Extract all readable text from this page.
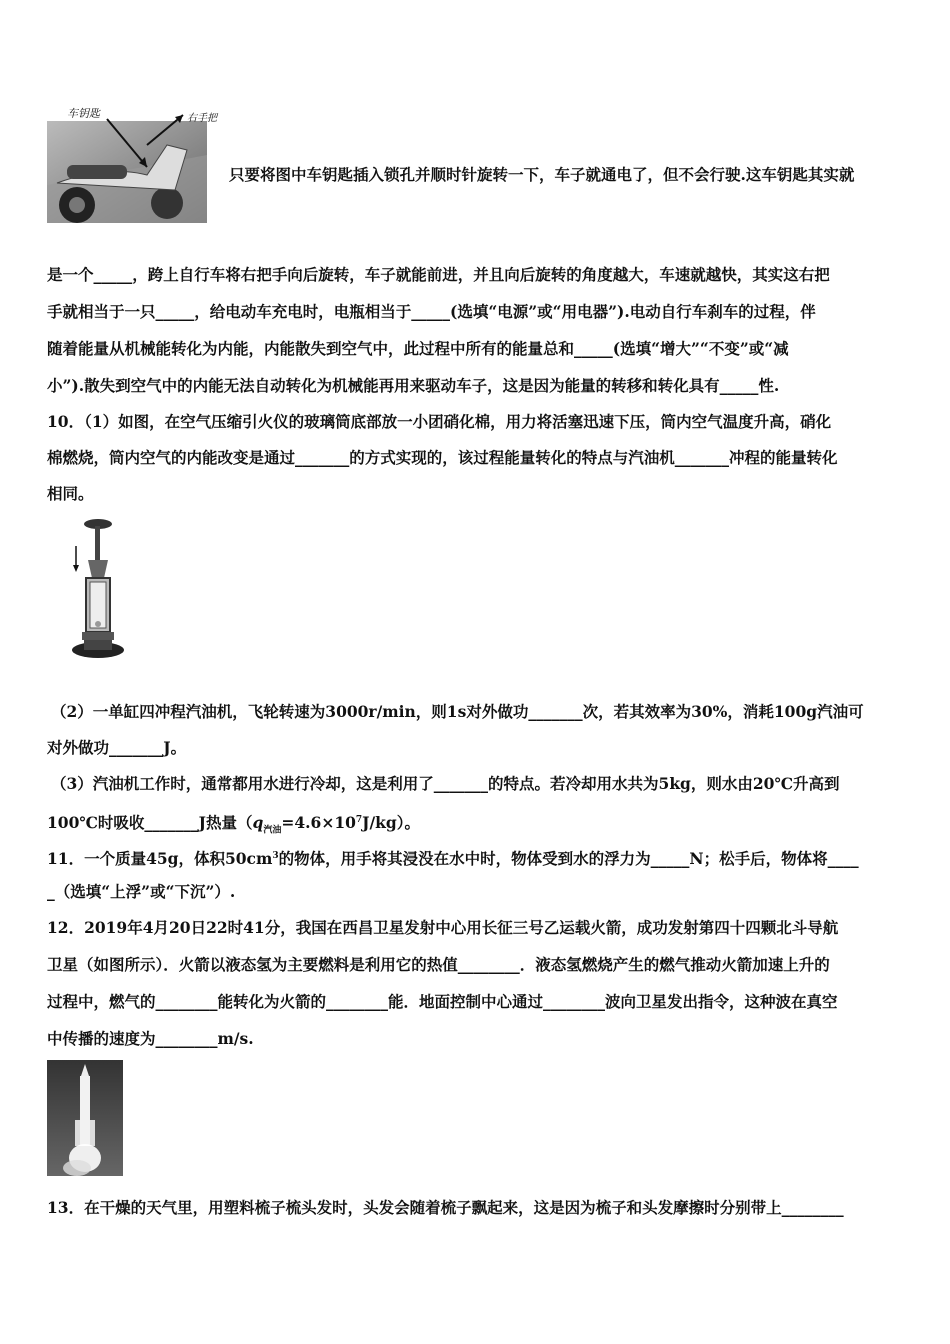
车钥匙	右手把
只要将图中车钥匙插入锁孔并顺时针旋转一下，车子就通电了，但不会行驶.这车钥匙其实就
是一个_____，跨上自行车将右把手向后旋转，车子就能前进，并且向后旋转的角度越大，车速就越快，其实这右把
手就相当于一只_____，给电动车充电时，电瓶相当于_____(选填“电源”或“用电器”).电动自行车刹车的过程，伴
随着能量从机械能转化为内能，内能散失到空气中，此过程中所有的能量总和_____(选填“增大”“不变”或“减
小”).散失到空气中的内能无法自动转化为机械能再用来驱动车子，这是因为能量的转移和转化具有_____性.
10．（1）如图，在空气压缩引火仪的玻璃筒底部放一小团硝化棉，用力将活塞迅速下压，筒内空气温度升高，硝化
棉燃烧，筒内空气的内能改变是通过_______的方式实现的，该过程能量转化的特点与汽油机_______冲程的能量转化
相同。
（2）一单缸四冲程汽油机，飞轮转速为3000r/min，则1s对外做功_______次，若其效率为30%，消耗100g汽油可
对外做功_______J。
（3）汽油机工作时，通常都用水进行冷却，这是利用了_______的特点。若冷却用水共为5kg，则水由20℃升高到
100℃时吸收_______J热量$(q_{汽油}=4.6\times 10^7J/kg)$。
11．一个质量45g，体积$50cm^3$的物体，用手将其浸没在水中时，物体受到水的浮力为_____N；松手后，物体将____
_（选填“上浮”或“下沉”）.
12．2019年4月20日22时41分，我国在西昌卫星发射中心用长征三号乙运载火箭，成功发射第四十四颗北斗导航
卫星（如图所示）．火箭以液态氢为主要燃料是利用它的热值________．液态氢燃烧产生的燃气推动火箭加速上升的
过程中，燃气的________能转化为火箭的________能．地面控制中心通过________波向卫星发出指令，这种波在真空
中传播的速度为________m/s.
13．在干燥的天气里，用塑料梳子梳头发时，头发会随着梳子飘起来，这是因为梳子和头发摩擦时分别带上________
